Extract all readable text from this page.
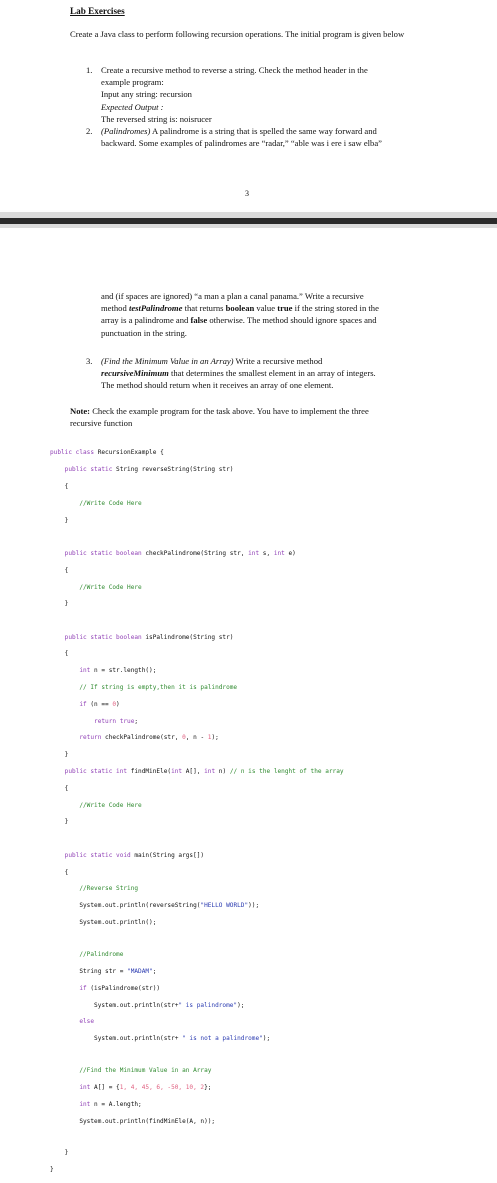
Lab Exercises
Create a Java class to perform following recursion operations. The initial program is given below
1. Create a recursive method to reverse a string. Check the method header in the
example program:
Input any string: recursion
Expected Output :
The reversed string is: noisrucer
2. (Palindromes) A palindrome is a string that is spelled the same way forward and
backward. Some examples of palindromes are “radar,” “able was i ere i saw elba”
3
and (if spaces are ignored) “a man a plan a canal panama.” Write a recursive
method testPalindrome that returns boolean value true if the string stored in the
array is a palindrome and false otherwise. The method should ignore spaces and
punctuation in the string.
3. (Find the Minimum Value in an Array) Write a recursive method
recursiveMinimum that determines the smallest element in an array of integers.
The method should return when it receives an array of one element.
Note: Check the example program for the task above. You have to implement the three
recursive function

public class RecursionExample {

public static String reverseString(String str)

{

//Write Code Here

}

public static boolean checkPalindrome(String str, int s, int e)

{

//Write Code Here

}

public static boolean isPalindrome(String str)

{

int n = str.length();

// If string is empty,then it is palindrome

if (n == 0)

return true;

return checkPalindrome(str, 0, n - 1);

}

public static int findMinEle(int A[], int n) // n is the lenght of the array

{

//Write Code Here

}

public static void main(String args[])

{

//Reverse String

System.out.println(reverseString("HELLO WORLD"));

System.out.println();

//Palindrome

String str = "MADAM";

if (isPalindrome(str))

System.out.println(str+" is palindrome");

else

System.out.println(str+ " is not a palindrome");

//Find the Minimum Value in an Array

int A[] = {1, 4, 45, 6, -50, 10, 2};

int n = A.length;

System.out.println(findMinEle(A, n));

}

}
